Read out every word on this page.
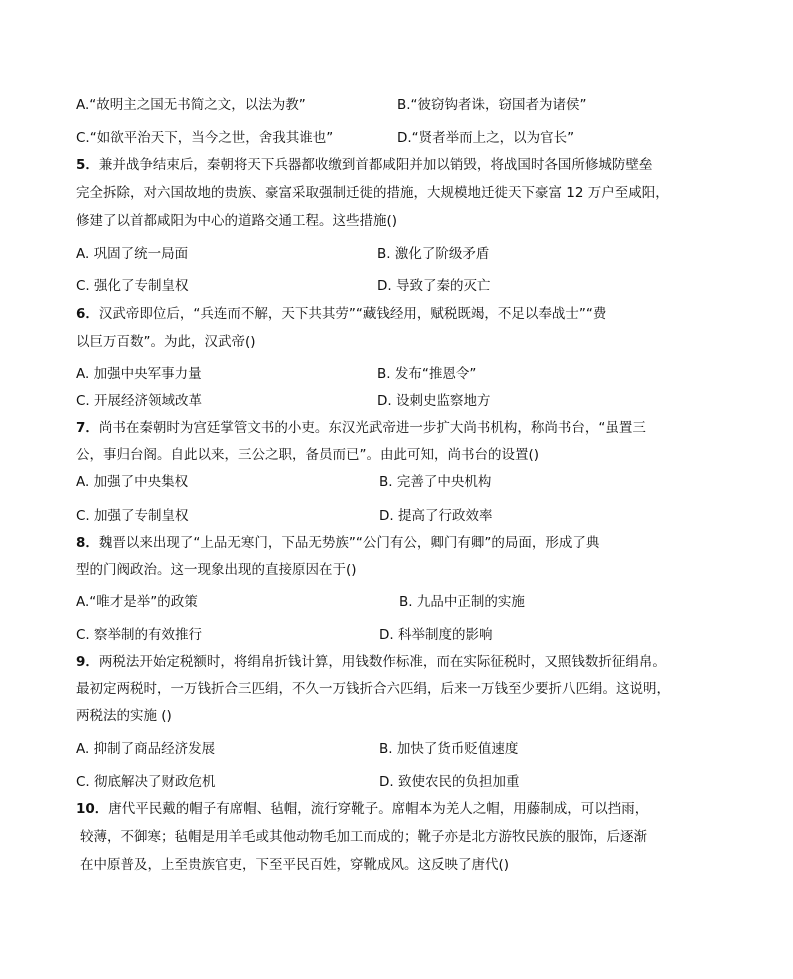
A.“故明主之国无书简之文，以法为教”	B.“彼窃钩者诛，窃国者为诸侯”
C.“如欲平治天下，当今之世，舍我其谁也”	D.“贤者举而上之，以为官长”
5．兼并战争结束后，秦朝将天下兵器都收缴到首都咸阳并加以销毁，将战国时各国所修城防壁垒
完全拆除，对六国故地的贵族、豪富采取强制迁徙的措施，大规模地迁徙天下豪富 12 万户至咸阳，
修建了以首都咸阳为中心的道路交通工程。这些措施()
A. 巩固了统一局面	B. 激化了阶级矛盾
C. 强化了专制皇权	D. 导致了秦的灭亡
6．汉武帝即位后，“兵连而不解，天下共其劳”“藏钱经用，赋税既竭，不足以奉战士”“费
以巨万百数”。为此，汉武帝()
A. 加强中央军事力量	B. 发布“推恩令”
C. 开展经济领域改革	D. 设刺史监察地方
7．尚书在秦朝时为宫廷掌管文书的小吏。东汉光武帝进一步扩大尚书机构，称尚书台，“虽置三
公，事归台阁。自此以来，三公之职，备员而已”。由此可知，尚书台的设置()
A. 加强了中央集权	B. 完善了中央机构
C. 加强了专制皇权	D. 提高了行政效率
8．魏晋以来出现了“上品无寒门，下品无势族”“公门有公，卿门有卿”的局面，形成了典
型的门阀政治。这一现象出现的直接原因在于()
A.“唯才是举”的政策	B. 九品中正制的实施
C. 察举制的有效推行	D. 科举制度的影响
9．两税法开始定税额时，将绢帛折钱计算，用钱数作标准，而在实际征税时，又照钱数折征绢帛。
最初定两税时，一万钱折合三匹绢，不久一万钱折合六匹绢，后来一万钱至少要折八匹绢。这说明，
两税法的实施 ()
A. 抑制了商品经济发展	B. 加快了货币贬值速度
C. 彻底解决了财政危机	D. 致使农民的负担加重
10．唐代平民戴的帽子有席帽、毡帽，流行穿靴子。席帽本为羌人之帽，用藤制成，可以挡雨，
较薄，不御寒；毡帽是用羊毛或其他动物毛加工而成的；靴子亦是北方游牧民族的服饰，后逐渐
在中原普及，上至贵族官吏，下至平民百姓，穿靴成风。这反映了唐代()
